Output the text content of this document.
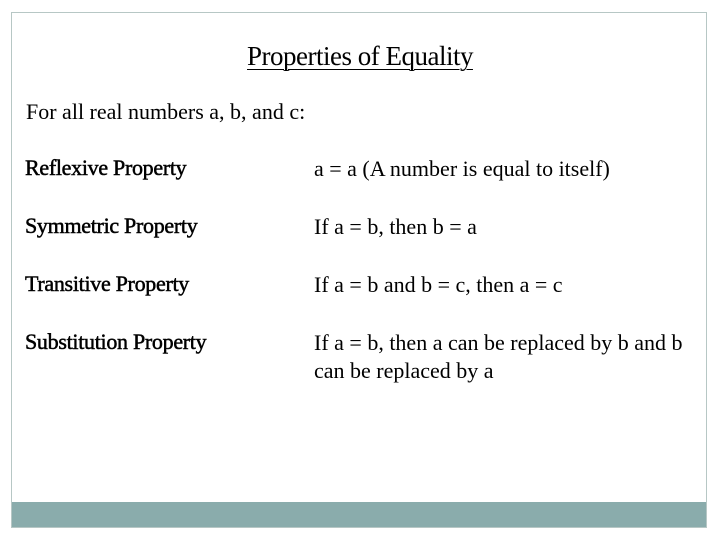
Properties of Equality
For all real numbers a, b, and c:
Reflexive Property	a = a (A number is equal to itself)
Symmetric Property	If a = b, then b = a
Transitive Property	If a = b and b = c, then a = c
Substitution Property	If a = b, then a can be replaced by b and b can be replaced by a
